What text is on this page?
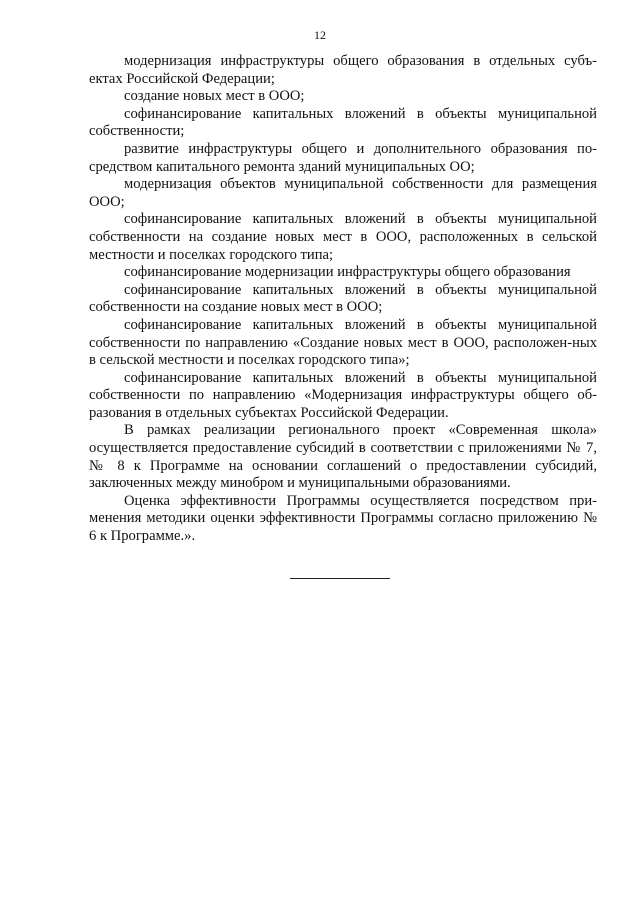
12

модернизация инфраструктуры общего образования в отдельных субъ-ектах Российской Федерации;

создание новых мест в ООО;

софинансирование капитальных вложений в объекты муниципальной собственности;

развитие инфраструктуры общего и дополнительного образования по-средством капитального ремонта зданий муниципальных ОО;

модернизация объектов муниципальной собственности для размещения ООО;

софинансирование капитальных вложений в объекты муниципальной собственности на создание новых мест в ООО, расположенных в сельской местности и поселках городского типа;

софинансирование модернизации инфраструктуры общего образования

софинансирование капитальных вложений в объекты муниципальной собственности на создание новых мест в ООО;

софинансирование капитальных вложений в объекты муниципальной собственности по направлению «Создание новых мест в ООО, расположен-ных в сельской местности и поселках городского типа»;

софинансирование капитальных вложений в объекты муниципальной собственности по направлению «Модернизация инфраструктуры общего об-разования в отдельных субъектах Российской Федерации.

В рамках реализации регионального проект «Современная школа» осуществляется предоставление субсидий в соответствии с приложениями № 7, № 8 к Программе на основании соглашений о предоставлении субсидий, заключенных между минобром и муниципальными образованиями.

Оценка эффективности Программы осуществляется посредством при-менения методики оценки эффективности Программы согласно приложению № 6 к Программе.».
